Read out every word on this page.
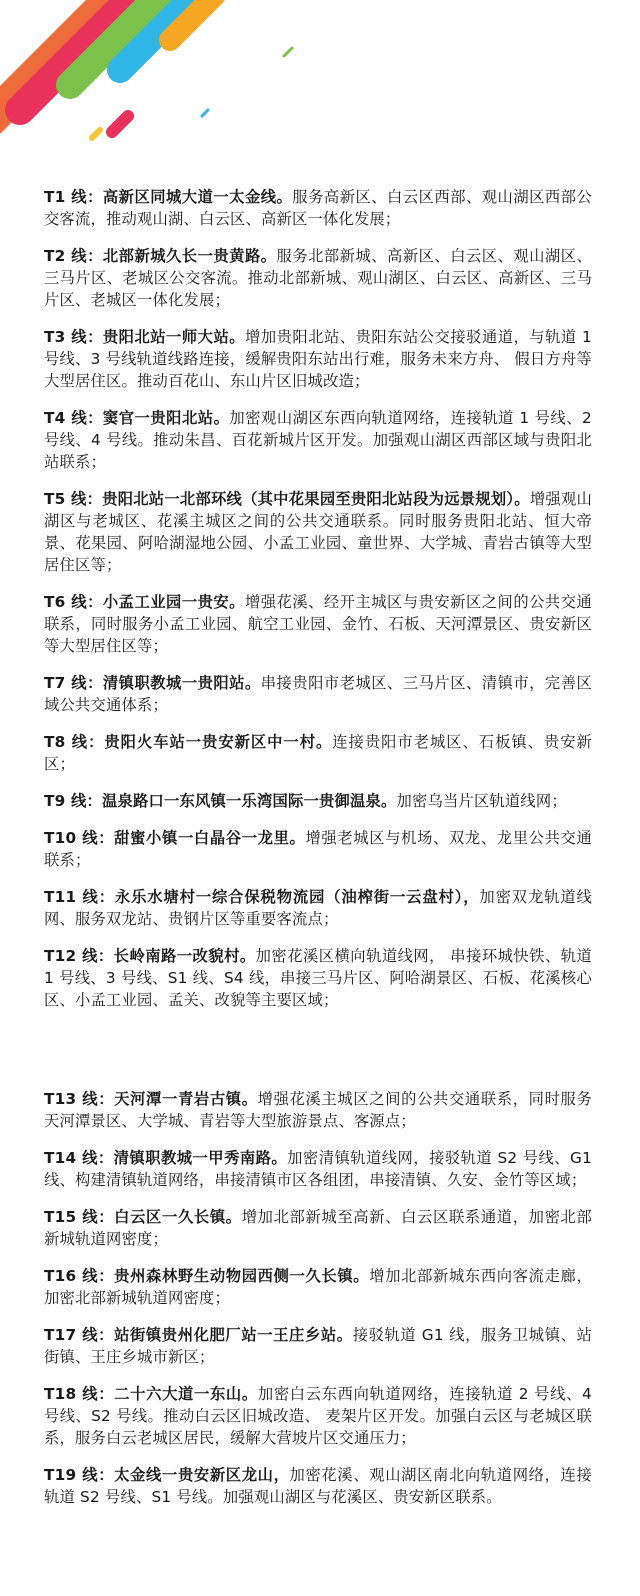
T1 线：高新区同城大道一太金线。服务高新区、白云区西部、观山湖区西部公交客流，推动观山湖、白云区、高新区一体化发展；
T2 线：北部新城久长一贵黄路。服务北部新城、高新区、白云区、观山湖区、三马片区、老城区公交客流。推动北部新城、观山湖区、白云区、高新区、三马片区、老城区一体化发展；
T3 线：贵阳北站一师大站。增加贵阳北站、贵阳东站公交接驳通道，与轨道 1 号线、3 号线轨道线路连接，缓解贵阳东站出行难，服务未来方舟、 假日方舟等大型居住区。推动百花山、东山片区旧城改造；
T4 线：窦官一贵阳北站。加密观山湖区东西向轨道网络，连接轨道 1 号线、2 号线、4 号线。推动朱昌、百花新城片区开发。加强观山湖区西部区域与贵阳北站联系；
T5 线：贵阳北站一北部环线（其中花果园至贵阳北站段为远景规划）。增强观山湖区与老城区、花溪主城区之间的公共交通联系。同时服务贵阳北站、恒大帝景、花果园、阿哈湖湿地公园、小孟工业园、童世界、大学城、青岩古镇等大型居住区等；
T6 线：小孟工业园一贵安。增强花溪、经开主城区与贵安新区之间的公共交通联系，同时服务小孟工业园、航空工业园、金竹、石板、天河潭景区、贵安新区等大型居住区等；
T7 线：清镇职教城一贵阳站。串接贵阳市老城区、三马片区、清镇市，完善区域公共交通体系；
T8 线：贵阳火车站一贵安新区中一村。连接贵阳市老城区、石板镇、贵安新区；
T9 线：温泉路口一东风镇一乐湾国际一贵御温泉。加密乌当片区轨道线网；
T10 线：甜蜜小镇一白晶谷一龙里。增强老城区与机场、双龙、龙里公共交通联系；
T11 线：永乐水塘村一综合保税物流园（油榨街一云盘村），加密双龙轨道线网、服务双龙站、贵钢片区等重要客流点；
T12 线：长岭南路一改貌村。加密花溪区横向轨道线网， 串接环城快铁、轨道 1 号线、3 号线、S1 线、S4 线，串接三马片区、阿哈湖景区、石板、花溪核心区、小孟工业园、孟关、改貌等主要区域；
T13 线：天河潭一青岩古镇。增强花溪主城区之间的公共交通联系，同时服务天河潭景区、大学城、青岩等大型旅游景点、客源点；
T14 线：清镇职教城一甲秀南路。加密清镇轨道线网，接驳轨道 S2 号线、G1 线、构建清镇轨道网络，串接清镇市区各组团，串接清镇、久安、金竹等区域；
T15 线：白云区一久长镇。增加北部新城至高新、白云区联系通道，加密北部新城轨道网密度；
T16 线：贵州森林野生动物园西侧一久长镇。增加北部新城东西向客流走廊，加密北部新城轨道网密度；
T17 线：站街镇贵州化肥厂站一王庄乡站。接驳轨道 G1 线，服务卫城镇、站街镇、王庄乡城市新区；
T18 线：二十六大道一东山。加密白云东西向轨道网络，连接轨道 2 号线、4 号线、S2 号线。推动白云区旧城改造、 麦架片区开发。加强白云区与老城区联系，服务白云老城区居民，缓解大营坡片区交通压力；
T19 线：太金线一贵安新区龙山，加密花溪、观山湖区南北向轨道网络，连接轨道 S2 号线、S1 号线。加强观山湖区与花溪区、贵安新区联系。
